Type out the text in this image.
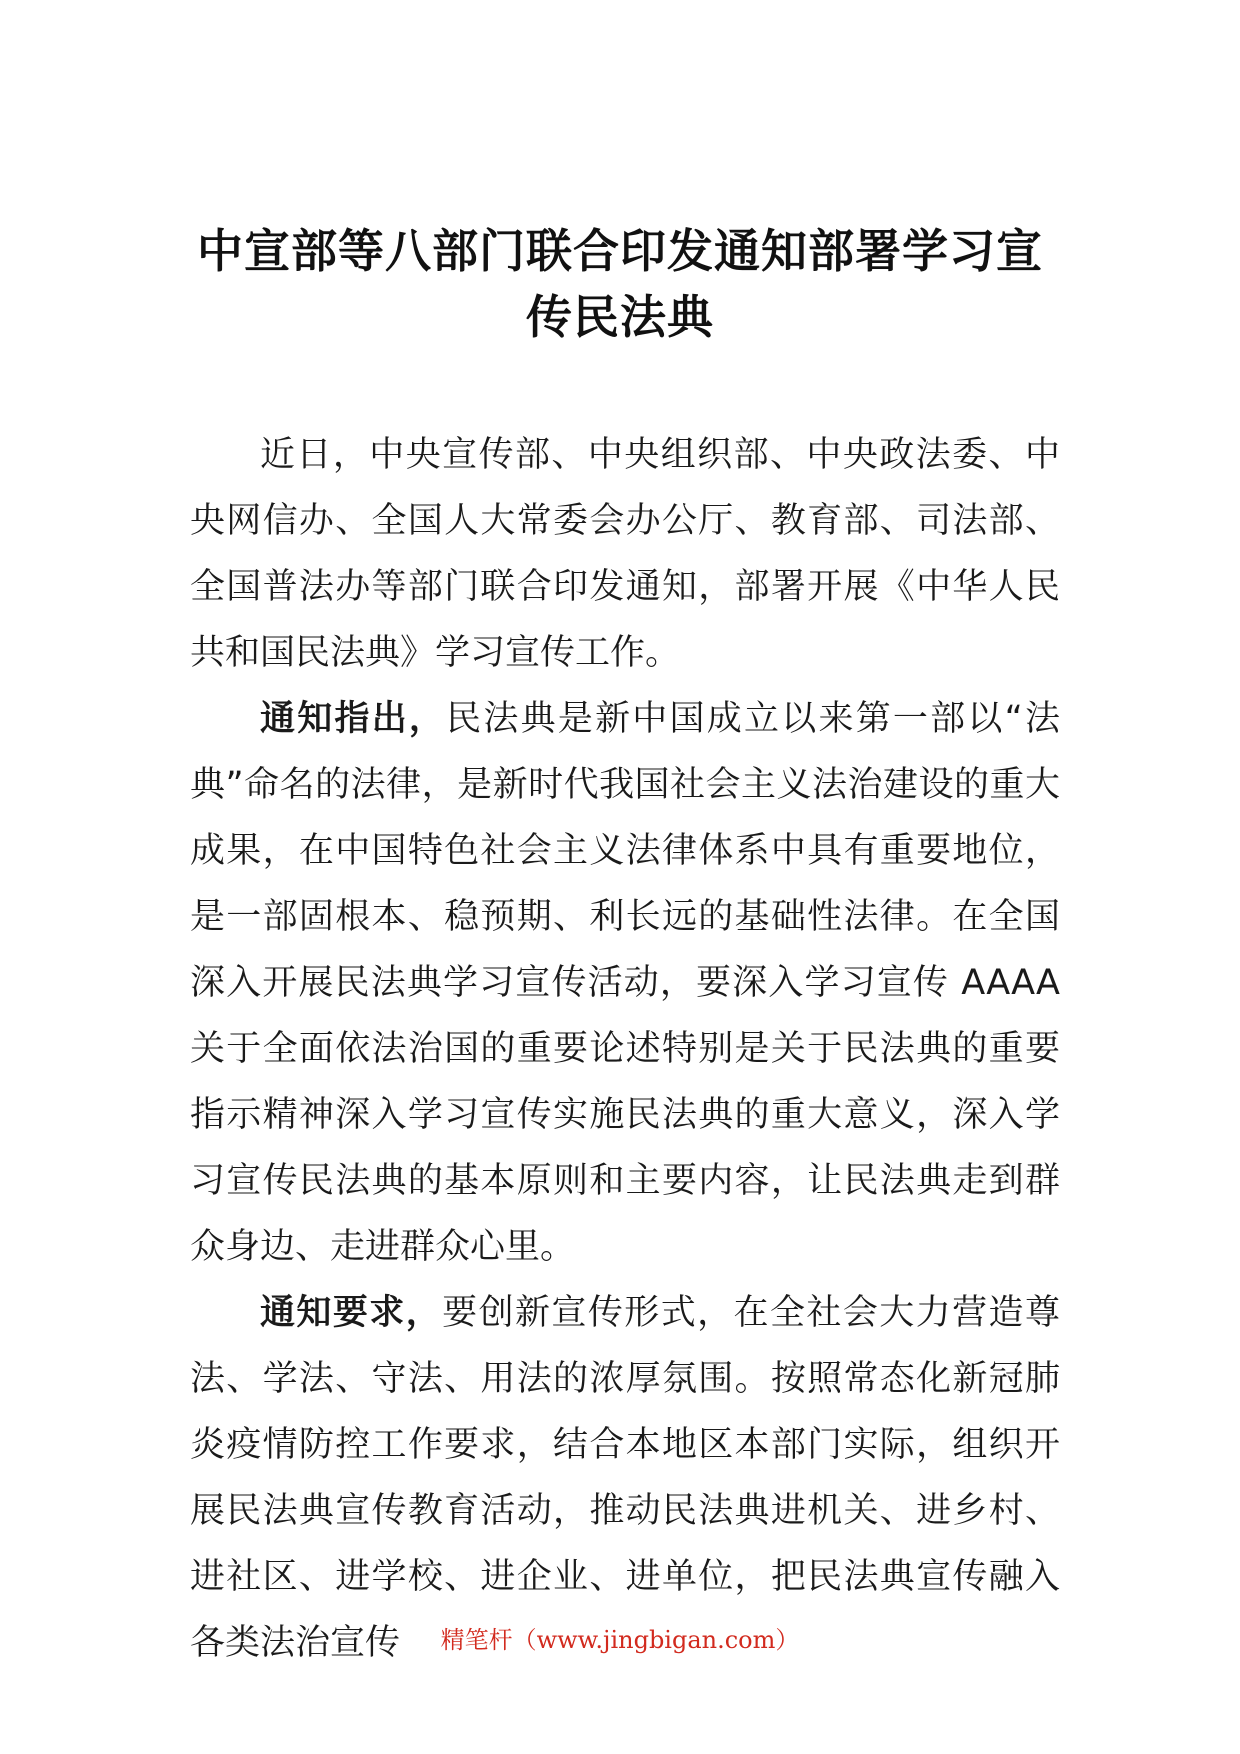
中宣部等八部门联合印发通知部署学习宣
传民法典

近日，中央宣传部、中央组织部、中央政法委、中央网信办、全国人大常委会办公厅、教育部、司法部、全国普法办等部门联合印发通知，部署开展《中华人民共和国民法典》学习宣传工作。

通知指出，民法典是新中国成立以来第一部以“法典”命名的法律，是新时代我国社会主义法治建设的重大成果，在中国特色社会主义法律体系中具有重要地位，是一部固根本、稳预期、利长远的基础性法律。在全国深入开展民法典学习宣传活动，要深入学习宣传 AAAA 关于全面依法治国的重要论述特别是关于民法典的重要指示精神深入学习宣传实施民法典的重大意义，深入学习宣传民法典的基本原则和主要内容，让民法典走到群众身边、走进群众心里。

通知要求，要创新宣传形式，在全社会大力营造尊法、学法、守法、用法的浓厚氛围。按照常态化新冠肺炎疫情防控工作要求，结合本地区本部门实际，组织开展民法典宣传教育活动，推动民法典进机关、进乡村、进社区、进学校、进企业、进单位，把民法典宣传融入各类法治宣传	精笔杆（www.jingbigan.com）
